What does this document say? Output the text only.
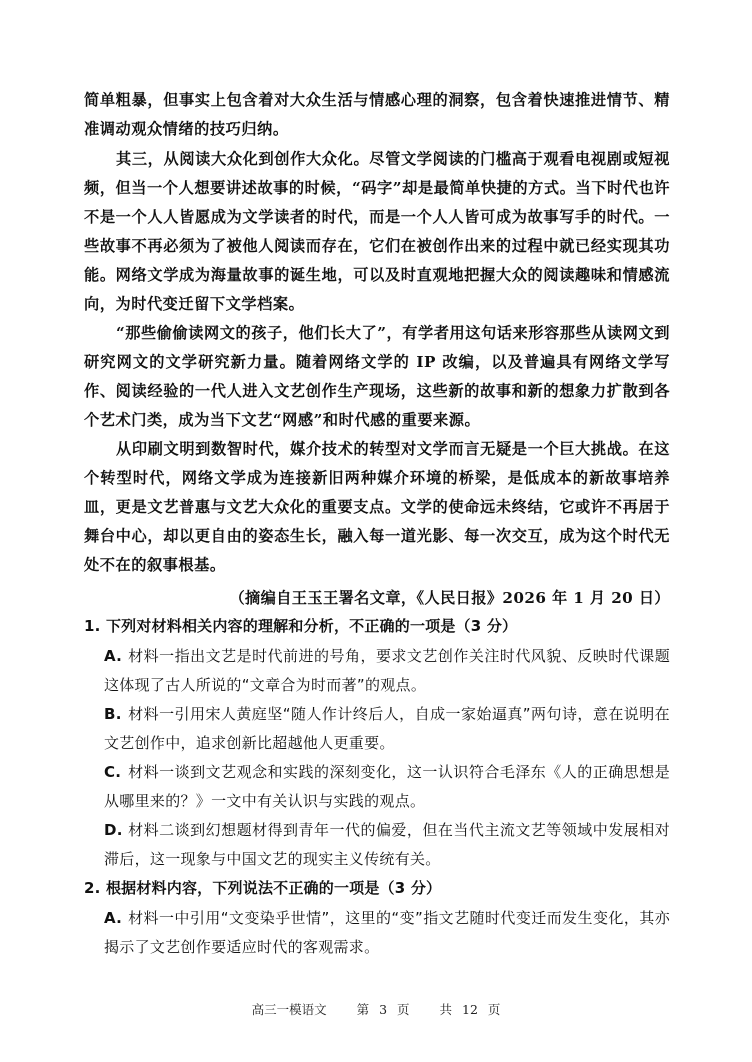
简单粗暴，但事实上包含着对大众生活与情感心理的洞察，包含着快速推进情节、精准调动观众情绪的技巧归纳。
其三，从阅读大众化到创作大众化。尽管文学阅读的门槛高于观看电视剧或短视频，但当一个人想要讲述故事的时候，“码字”却是最简单快捷的方式。当下时代也许不是一个人人皆愿成为文学读者的时代，而是一个人人皆可成为故事写手的时代。一些故事不再必须为了被他人阅读而存在，它们在被创作出来的过程中就已经实现其功能。网络文学成为海量故事的诞生地，可以及时直观地把握大众的阅读趣味和情感流向，为时代变迁留下文学档案。
“那些偷偷读网文的孩子，他们长大了”，有学者用这句话来形容那些从读网文到研究网文的文学研究新力量。随着网络文学的 IP 改编，以及普遍具有网络文学写作、阅读经验的一代人进入文艺创作生产现场，这些新的故事和新的想象力扩散到各个艺术门类，成为当下文艺“网感”和时代感的重要来源。
从印刷文明到数智时代，媒介技术的转型对文学而言无疑是一个巨大挑战。在这个转型时代，网络文学成为连接新旧两种媒介环境的桥梁，是低成本的新故事培养皿，更是文艺普惠与文艺大众化的重要支点。文学的使命远未终结，它或许不再居于舞台中心，却以更自由的姿态生长，融入每一道光影、每一次交互，成为这个时代无处不在的叙事根基。
（摘编自王玉王署名文章，《人民日报》2026 年 1 月 20 日）
1. 下列对材料相关内容的理解和分析，不正确的一项是（3 分）
A. 材料一指出文艺是时代前进的号角，要求文艺创作关注时代风貌、反映时代课题这体现了古人所说的“文章合为时而著”的观点。
B. 材料一引用宋人黄庭坚“随人作计终后人，自成一家始逼真”两句诗，意在说明在文艺创作中，追求创新比超越他人更重要。
C. 材料一谈到文艺观念和实践的深刻变化，这一认识符合毛泽东《人的正确思想是从哪里来的？》一文中有关认识与实践的观点。
D. 材料二谈到幻想题材得到青年一代的偏爱，但在当代主流文艺等领域中发展相对滞后，这一现象与中国文艺的现实主义传统有关。
2. 根据材料内容，下列说法不正确的一项是（3 分）
A. 材料一中引用“文变染乎世情”，这里的“变”指文艺随时代变迁而发生变化，其亦揭示了文艺创作要适应时代的客观需求。
高三一模语文 第 3 页 共 12 页
